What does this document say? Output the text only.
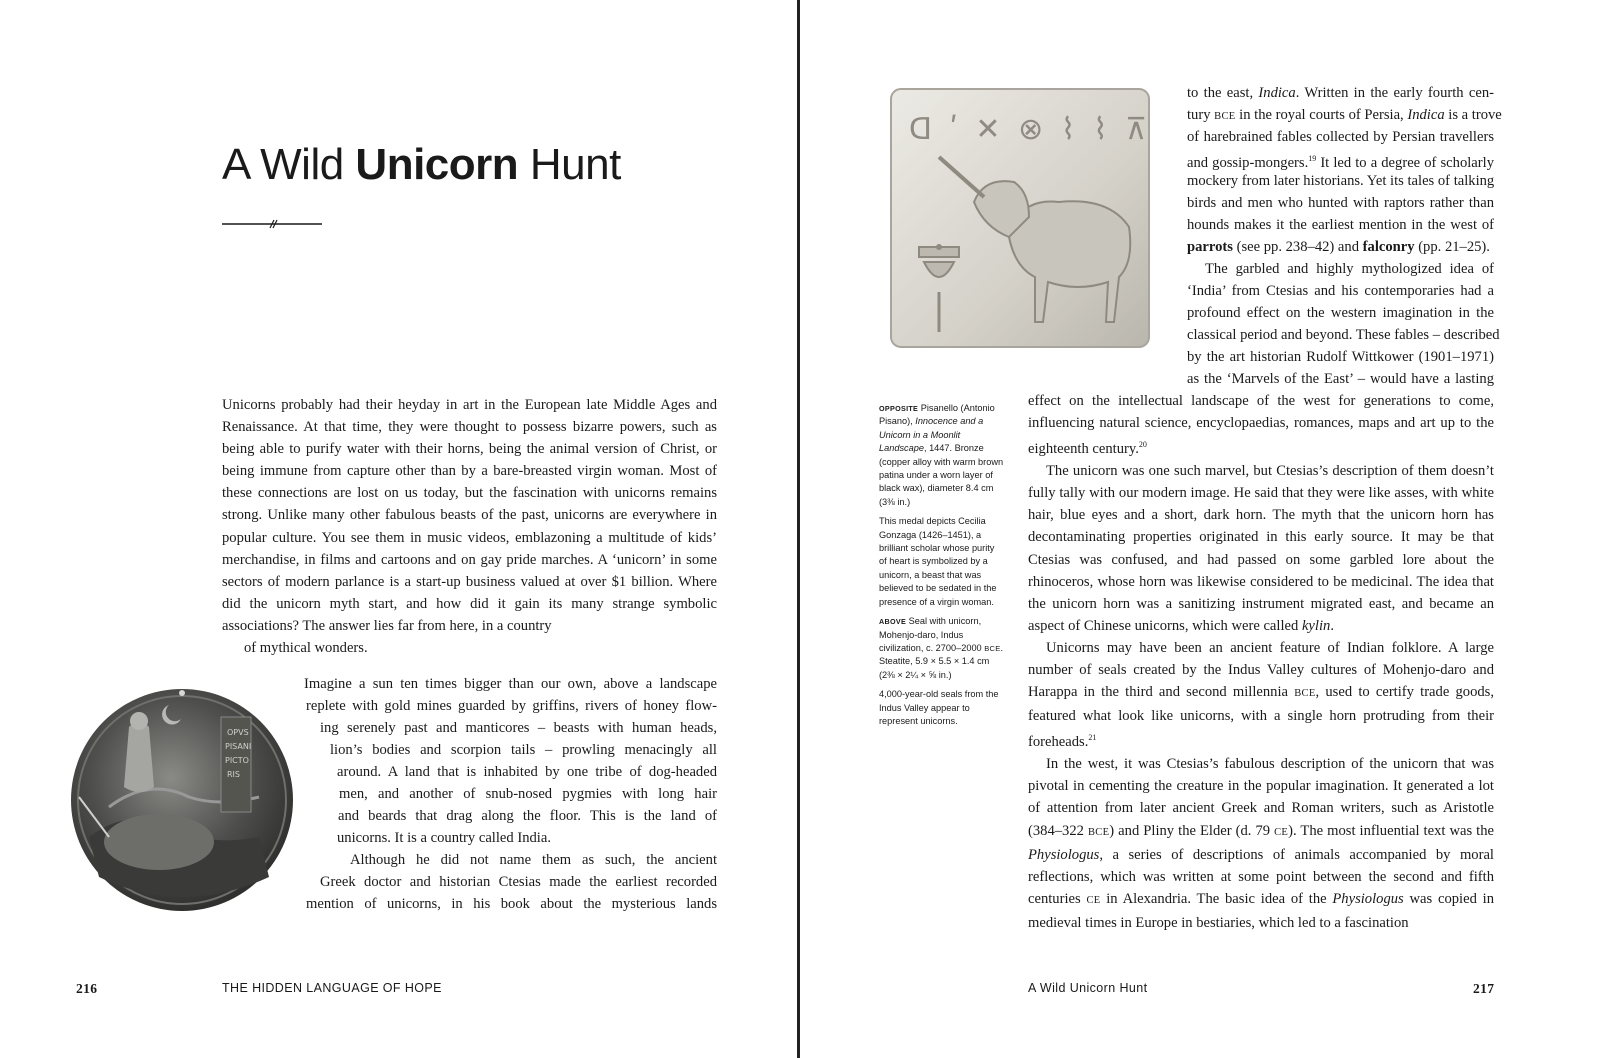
A Wild Unicorn Hunt

Unicorns probably had their heyday in art in the European late Middle Ages and Renaissance. At that time, they were thought to possess bizarre powers, such as being able to purify water with their horns, being the animal version of Christ, or being immune from capture other than by a bare-breasted virgin woman. Most of these connections are lost on us today, but the fascination with unicorns remains strong. Unlike many other fabulous beasts of the past, unicorns are everywhere in popular culture. You see them in music videos, emblazoning a multitude of kids’ merchandise, in films and cartoons and on gay pride marches. A ‘unicorn’ in some sectors of modern parlance is a start-up business valued at over $1 billion. Where did the unicorn myth start, and how did it gain its many strange symbolic associations? The answer lies far from here, in a country

of mythical wonders.

OPVS
PISANI
PICTO
RIS
Imagine a sun ten times bigger than our own, above a landscape
replete with gold mines guarded by griffins, rivers of honey flow-
ing serenely past and manticores – beasts with human heads,
lion’s bodies and scorpion tails – prowling menacingly all
around. A land that is inhabited by one tribe of dog-headed
men, and another of snub-nosed pygmies with long hair
and beards that drag along the floor. This is the land of
unicorns. It is a country called India.
Although he did not name them as such, the ancient
Greek doctor and historian Ctesias made the earliest recorded
mention of unicorns, in his book about the mysterious lands
216	THE HIDDEN LANGUAGE OF HOPE
ꓷ ʹ ✕ ⊗ ⌇ ⌇ ⊼
to the east, Indica. Written in the early fourth cen-
tury BCE in the royal courts of Persia, Indica is a trove
of harebrained fables collected by Persian travellers
and gossip-mongers.$^{19}$ It led to a degree of scholarly
mockery from later historians. Yet its tales of talking
birds and men who hunted with raptors rather than
hounds makes it the earliest mention in the west of
parrots (see pp. 238–42) and falconry (pp. 21–25).
The garbled and highly mythologized idea of
‘India’ from Ctesias and his contemporaries had a
profound effect on the western imagination in the
classical period and beyond. These fables – described
by the art historian Rudolf Wittkower (1901–1971)
as the ‘Marvels of the East’ – would have a lasting

effect on the intellectual landscape of the west for generations to come, influencing natural science, encyclopaedias, romances, maps and art up to the eighteenth century.$^{20}$

The unicorn was one such marvel, but Ctesias’s description of them doesn’t fully tally with our modern image. He said that they were like asses, with white hair, blue eyes and a short, dark horn. The myth that the unicorn horn has decontaminating properties originated in this early source. It may be that Ctesias was confused, and had passed on some garbled lore about the rhinoceros, whose horn was likewise considered to be medicinal. The idea that the unicorn horn was a sanitizing instrument migrated east, and became an aspect of Chinese unicorns, which were called kylin.

Unicorns may have been an ancient feature of Indian folklore. A large number of seals created by the Indus Valley cultures of Mohenjo-daro and Harappa in the third and second millennia BCE, used to certify trade goods, featured what look like unicorns, with a single horn protruding from their foreheads.$^{21}$

In the west, it was Ctesias’s fabulous description of the unicorn that was pivotal in cementing the creature in the popular imagination. It generated a lot of attention from later ancient Greek and Roman writers, such as Aristotle (384–322 BCE) and Pliny the Elder (d. 79 CE). The most influential text was the Physiologus, a series of descriptions of animals accompanied by moral reflections, which was written at some point between the second and fifth centuries CE in Alexandria. The basic idea of the Physiologus was copied in medieval times in Europe in bestiaries, which led to a fascination

OPPOSITE Pisanello (Antonio Pisano), Innocence and a Unicorn in a Moonlit Landscape, 1447. Bronze (copper alloy with warm brown patina under a worn layer of black wax), diameter 8.4 cm (3⅜ in.)

This medal depicts Cecilia Gonzaga (1426–1451), a brilliant scholar whose purity of heart is symbolized by a unicorn, a beast that was believed to be sedated in the presence of a virgin woman.

ABOVE Seal with unicorn, Mohenjo-daro, Indus civilization, c. 2700–2000 BCE. Steatite, 5.9 × 5.5 × 1.4 cm (2⅜ × 2¼ × ⅝ in.)

4,000-year-old seals from the Indus Valley appear to represent unicorns.

A Wild Unicorn Hunt	217
